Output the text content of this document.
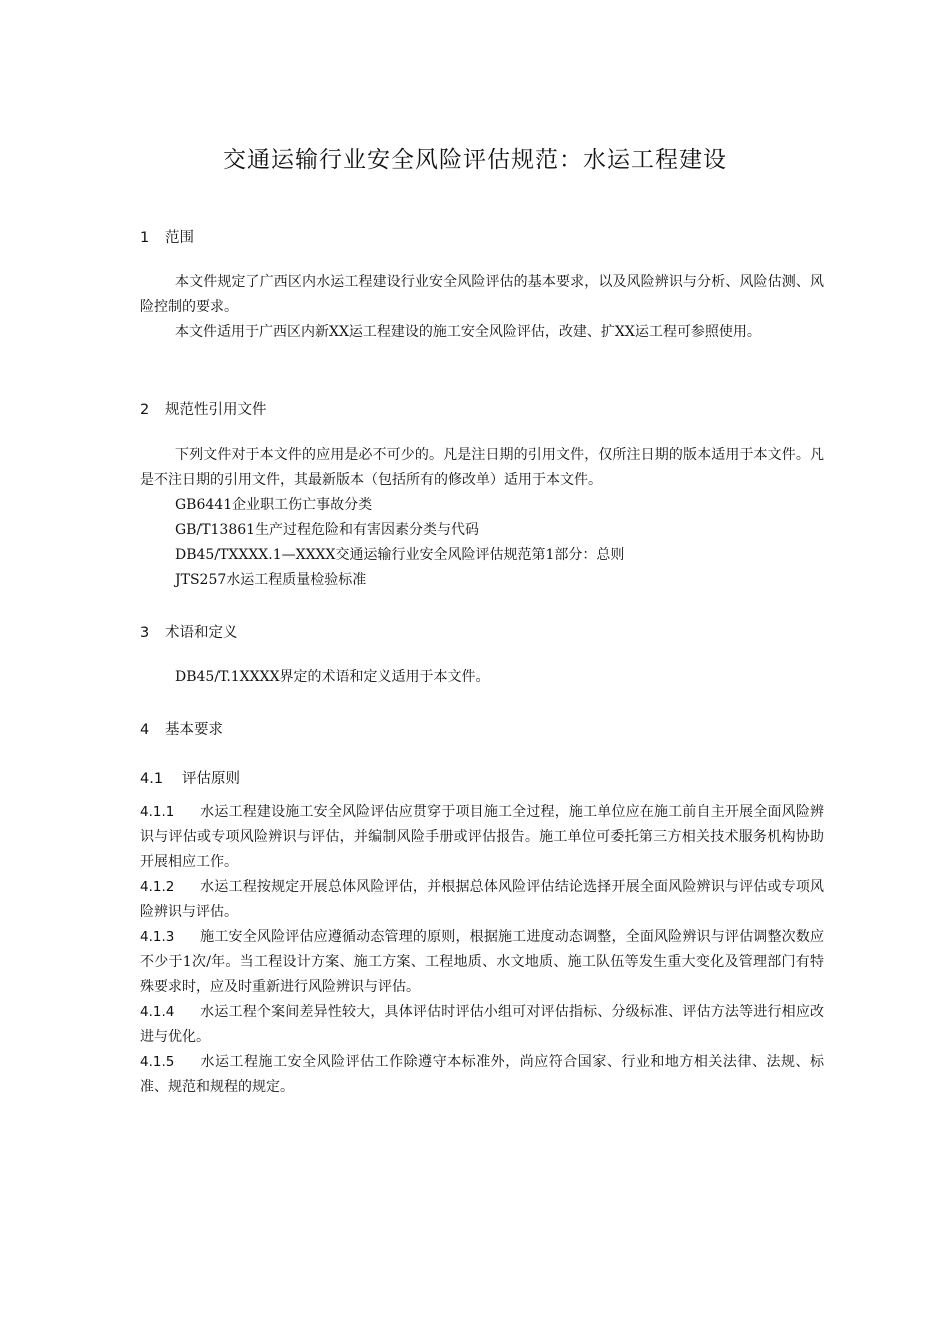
交通运输行业安全风险评估规范：水运工程建设
1 范围

本文件规定了广西区内水运工程建设行业安全风险评估的基本要求，以及风险辨识与分析、风险估测、风险控制的要求。

本文件适用于广西区内新XX运工程建设的施工安全风险评估，改建、扩XX运工程可参照使用。

2 规范性引用文件

下列文件对于本文件的应用是必不可少的。凡是注日期的引用文件，仅所注日期的版本适用于本文件。凡是不注日期的引用文件，其最新版本（包括所有的修改单）适用于本文件。

GB6441企业职工伤亡事故分类
GB/T13861生产过程危险和有害因素分类与代码
DB45/TXXXX.1—XXXX交通运输行业安全风险评估规范第1部分：总则
JTS257水运工程质量检验标准
3 术语和定义

DB45/T.1XXXX界定的术语和定义适用于本文件。

4 基本要求
4.1 评估原则

4.1.1 水运工程建设施工安全风险评估应贯穿于项目施工全过程，施工单位应在施工前自主开展全面风险辨识与评估或专项风险辨识与评估，并编制风险手册或评估报告。施工单位可委托第三方相关技术服务机构协助开展相应工作。

4.1.2 水运工程按规定开展总体风险评估，并根据总体风险评估结论选择开展全面风险辨识与评估或专项风险辨识与评估。

4.1.3 施工安全风险评估应遵循动态管理的原则，根据施工进度动态调整，全面风险辨识与评估调整次数应不少于1次/年。当工程设计方案、施工方案、工程地质、水文地质、施工队伍等发生重大变化及管理部门有特殊要求时，应及时重新进行风险辨识与评估。

4.1.4 水运工程个案间差异性较大，具体评估时评估小组可对评估指标、分级标准、评估方法等进行相应改进与优化。

4.1.5 水运工程施工安全风险评估工作除遵守本标准外，尚应符合国家、行业和地方相关法律、法规、标准、规范和规程的规定。
